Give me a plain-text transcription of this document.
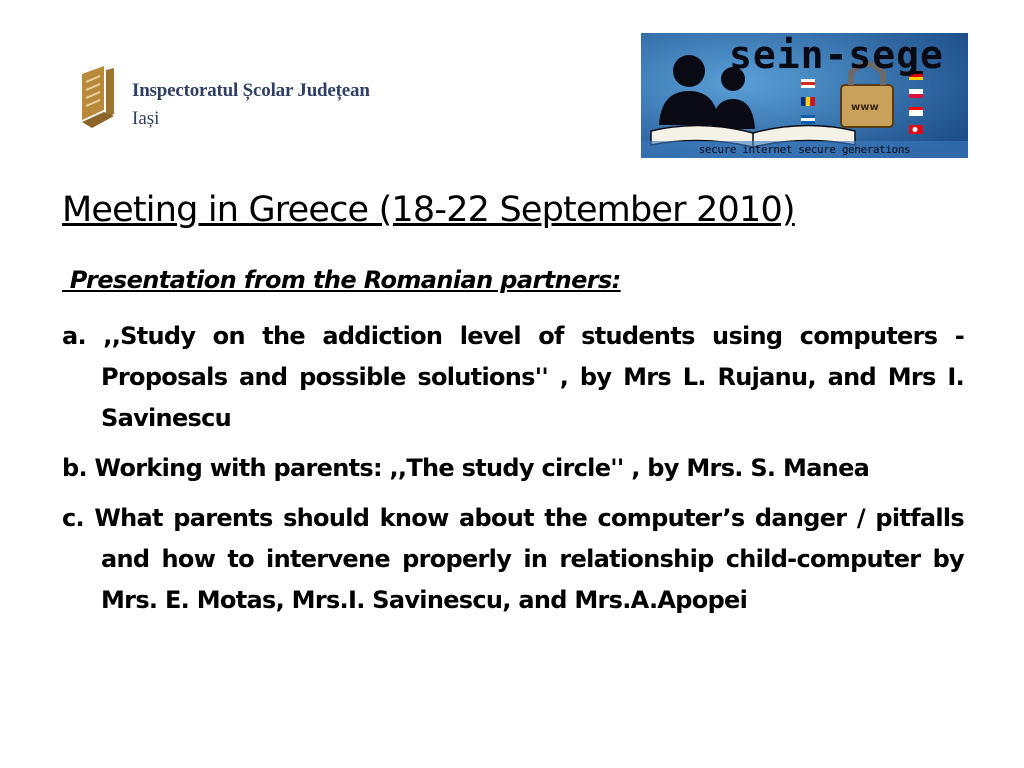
Inspectoratul Școlar Județean
Iași
sein-sege
www
secure internet secure generations
Meeting in Greece (18-22 September 2010)
Presentation from the Romanian partners:
a. ,,Study on the addiction level of students using computers - Proposals and possible solutions'' , by Mrs L. Rujanu, and Mrs I. Savinescu
b. Working with parents: ,,The study circle'' , by Mrs. S. Manea
c. What parents should know about the computer’s danger / pitfalls and how to intervene properly in relationship child-computer by Mrs. E. Motas, Mrs.I. Savinescu, and Mrs.A.Apopei
